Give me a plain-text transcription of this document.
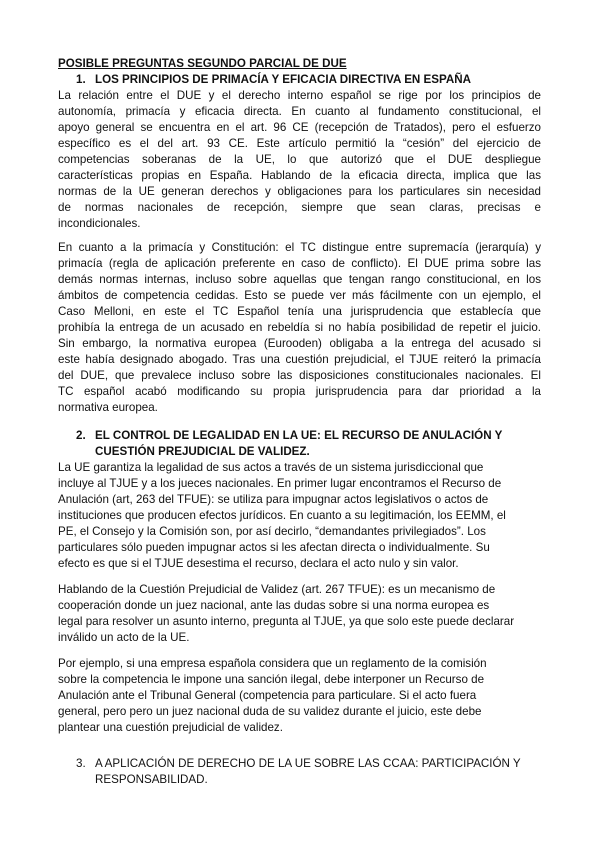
POSIBLE PREGUNTAS SEGUNDO PARCIAL DE DUE
1. LOS PRINCIPIOS DE PRIMACÍA Y EFICACIA DIRECTIVA EN ESPAÑA
La relación entre el DUE y el derecho interno español se rige por los principios de
autonomía, primacía y eficacia directa. En cuanto al fundamento constitucional, el
apoyo general se encuentra en el art. 96 CE (recepción de Tratados), pero el esfuerzo
específico es el del art. 93 CE. Este artículo permitió la “cesión” del ejercicio de
competencias soberanas de la UE, lo que autorizó que el DUE despliegue
características propias en España. Hablando de la eficacia directa, implica que las
normas de la UE generan derechos y obligaciones para los particulares sin necesidad
de normas nacionales de recepción, siempre que sean claras, precisas e
incondicionales.
En cuanto a la primacía y Constitución: el TC distingue entre supremacía (jerarquía) y
primacía (regla de aplicación preferente en caso de conflicto). El DUE prima sobre las
demás normas internas, incluso sobre aquellas que tengan rango constitucional, en los
ámbitos de competencia cedidas. Esto se puede ver más fácilmente con un ejemplo, el
Caso Melloni, en este el TC Español tenía una jurisprudencia que establecía que
prohibía la entrega de un acusado en rebeldía si no había posibilidad de repetir el juicio.
Sin embargo, la normativa europea (Eurooden) obligaba a la entrega del acusado si
este había designado abogado. Tras una cuestión prejudicial, el TJUE reiteró la primacía
del DUE, que prevalece incluso sobre las disposiciones constitucionales nacionales. El
TC español acabó modificando su propia jurisprudencia para dar prioridad a la
normativa europea.
2. EL CONTROL DE LEGALIDAD EN LA UE: EL RECURSO DE ANULACIÓN Y
CUESTIÓN PREJUDICIAL DE VALIDEZ.
La UE garantiza la legalidad de sus actos a través de un sistema jurisdiccional que
incluye al TJUE y a los jueces nacionales. En primer lugar encontramos el Recurso de
Anulación (art, 263 del TFUE): se utiliza para impugnar actos legislativos o actos de
instituciones que producen efectos jurídicos. En cuanto a su legitimación, los EEMM, el
PE, el Consejo y la Comisión son, por así decirlo, “demandantes privilegiados”. Los
particulares sólo pueden impugnar actos si les afectan directa o individualmente. Su
efecto es que si el TJUE desestima el recurso, declara el acto nulo y sin valor.
Hablando de la Cuestión Prejudicial de Validez (art. 267 TFUE): es un mecanismo de
cooperación donde un juez nacional, ante las dudas sobre si una norma europea es
legal para resolver un asunto interno, pregunta al TJUE, ya que solo este puede declarar
inválido un acto de la UE.
Por ejemplo, si una empresa española considera que un reglamento de la comisión
sobre la competencia le impone una sanción ilegal, debe interponer un Recurso de
Anulación ante el Tribunal General (competencia para particulare. Si el acto fuera
general, pero pero un juez nacional duda de su validez durante el juicio, este debe
plantear una cuestión prejudicial de validez.
3. A APLICACIÓN DE DERECHO DE LA UE SOBRE LAS CCAA: PARTICIPACIÓN Y
RESPONSABILIDAD.
